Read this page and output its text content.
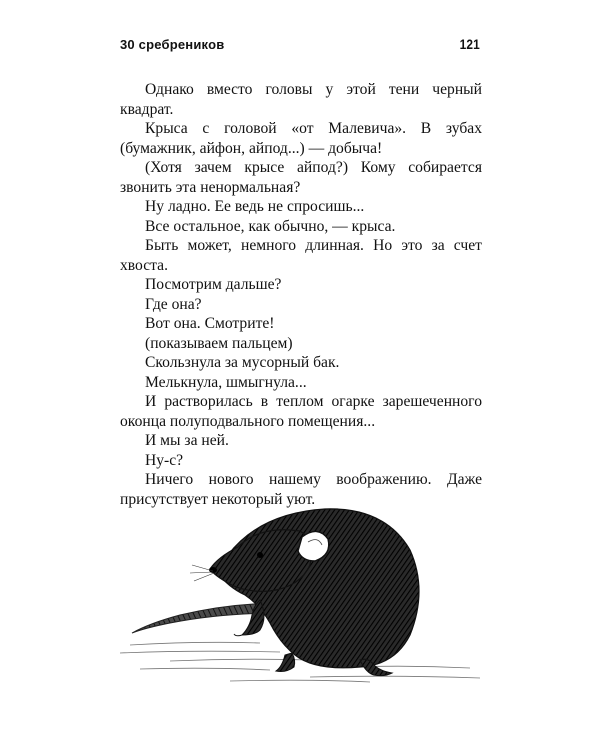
30 сребреников	121

Однако вместо головы у этой тени черный квадрат.

Крыса с головой «от Малевича». В зубах (бумажник, айфон, айпод...) — добыча!

(Хотя зачем крысе айпод?) Кому собирается звонить эта ненормальная?

Ну ладно. Ее ведь не спросишь...

Все остальное, как обычно, — крыса.

Быть может, немного длинная. Но это за счет хвоста.

Посмотрим дальше?

Где она?

Вот она. Смотрите!

(показываем пальцем)

Скользнула за мусорный бак.

Мелькнула, шмыгнула...

И растворилась в теплом огарке зарешеченного оконца полуподвального помещения...

И мы за ней.

Ну-с?

Ничего нового нашему воображению. Даже присутствует некоторый уют.
